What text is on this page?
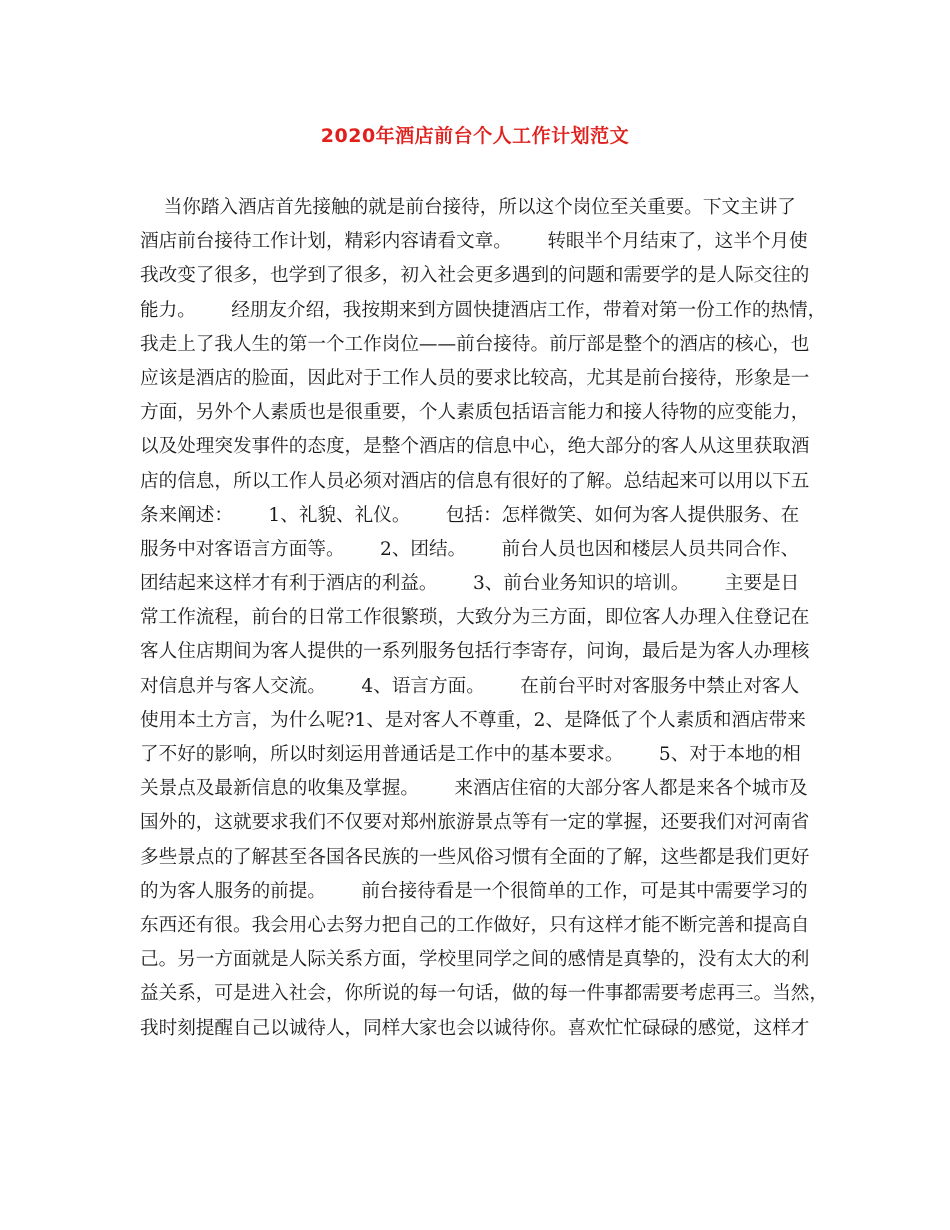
2020年酒店前台个人工作计划范文
当你踏入酒店首先接触的就是前台接待，所以这个岗位至关重要。下文主讲了
酒店前台接待工作计划，精彩内容请看文章。      转眼半个月结束了，这半个月使
我改变了很多，也学到了很多，初入社会更多遇到的问题和需要学的是人际交往的
能力。      经朋友介绍，我按期来到方圆快捷酒店工作，带着对第一份工作的热情，
我走上了我人生的第一个工作岗位——前台接待。前厅部是整个的酒店的核心，也
应该是酒店的脸面，因此对于工作人员的要求比较高，尤其是前台接待，形象是一
方面，另外个人素质也是很重要，个人素质包括语言能力和接人待物的应变能力，
以及处理突发事件的态度，是整个酒店的信息中心，绝大部分的客人从这里获取酒
店的信息，所以工作人员必须对酒店的信息有很好的了解。总结起来可以用以下五
条来阐述：      1、礼貌、礼仪。      包括：怎样微笑、如何为客人提供服务、在
服务中对客语言方面等。      2、团结。      前台人员也因和楼层人员共同合作、
团结起来这样才有利于酒店的利益。      3、前台业务知识的培训。      主要是日
常工作流程，前台的日常工作很繁琐，大致分为三方面，即位客人办理入住登记在
客人住店期间为客人提供的一系列服务包括行李寄存，问询，最后是为客人办理核
对信息并与客人交流。      4、语言方面。      在前台平时对客服务中禁止对客人
使用本土方言，为什么呢?1、是对客人不尊重，2、是降低了个人素质和酒店带来
了不好的影响，所以时刻运用普通话是工作中的基本要求。      5、对于本地的相
关景点及最新信息的收集及掌握。      来酒店住宿的大部分客人都是来各个城市及
国外的，这就要求我们不仅要对郑州旅游景点等有一定的掌握，还要我们对河南省
多些景点的了解甚至各国各民族的一些风俗习惯有全面的了解，这些都是我们更好
的为客人服务的前提。      前台接待看是一个很简单的工作，可是其中需要学习的
东西还有很。我会用心去努力把自己的工作做好，只有这样才能不断完善和提高自
己。另一方面就是人际关系方面，学校里同学之间的感情是真挚的，没有太大的利
益关系，可是进入社会，你所说的每一句话，做的每一件事都需要考虑再三。当然，
我时刻提醒自己以诚待人，同样大家也会以诚待你。喜欢忙忙碌碌的感觉，这样才
